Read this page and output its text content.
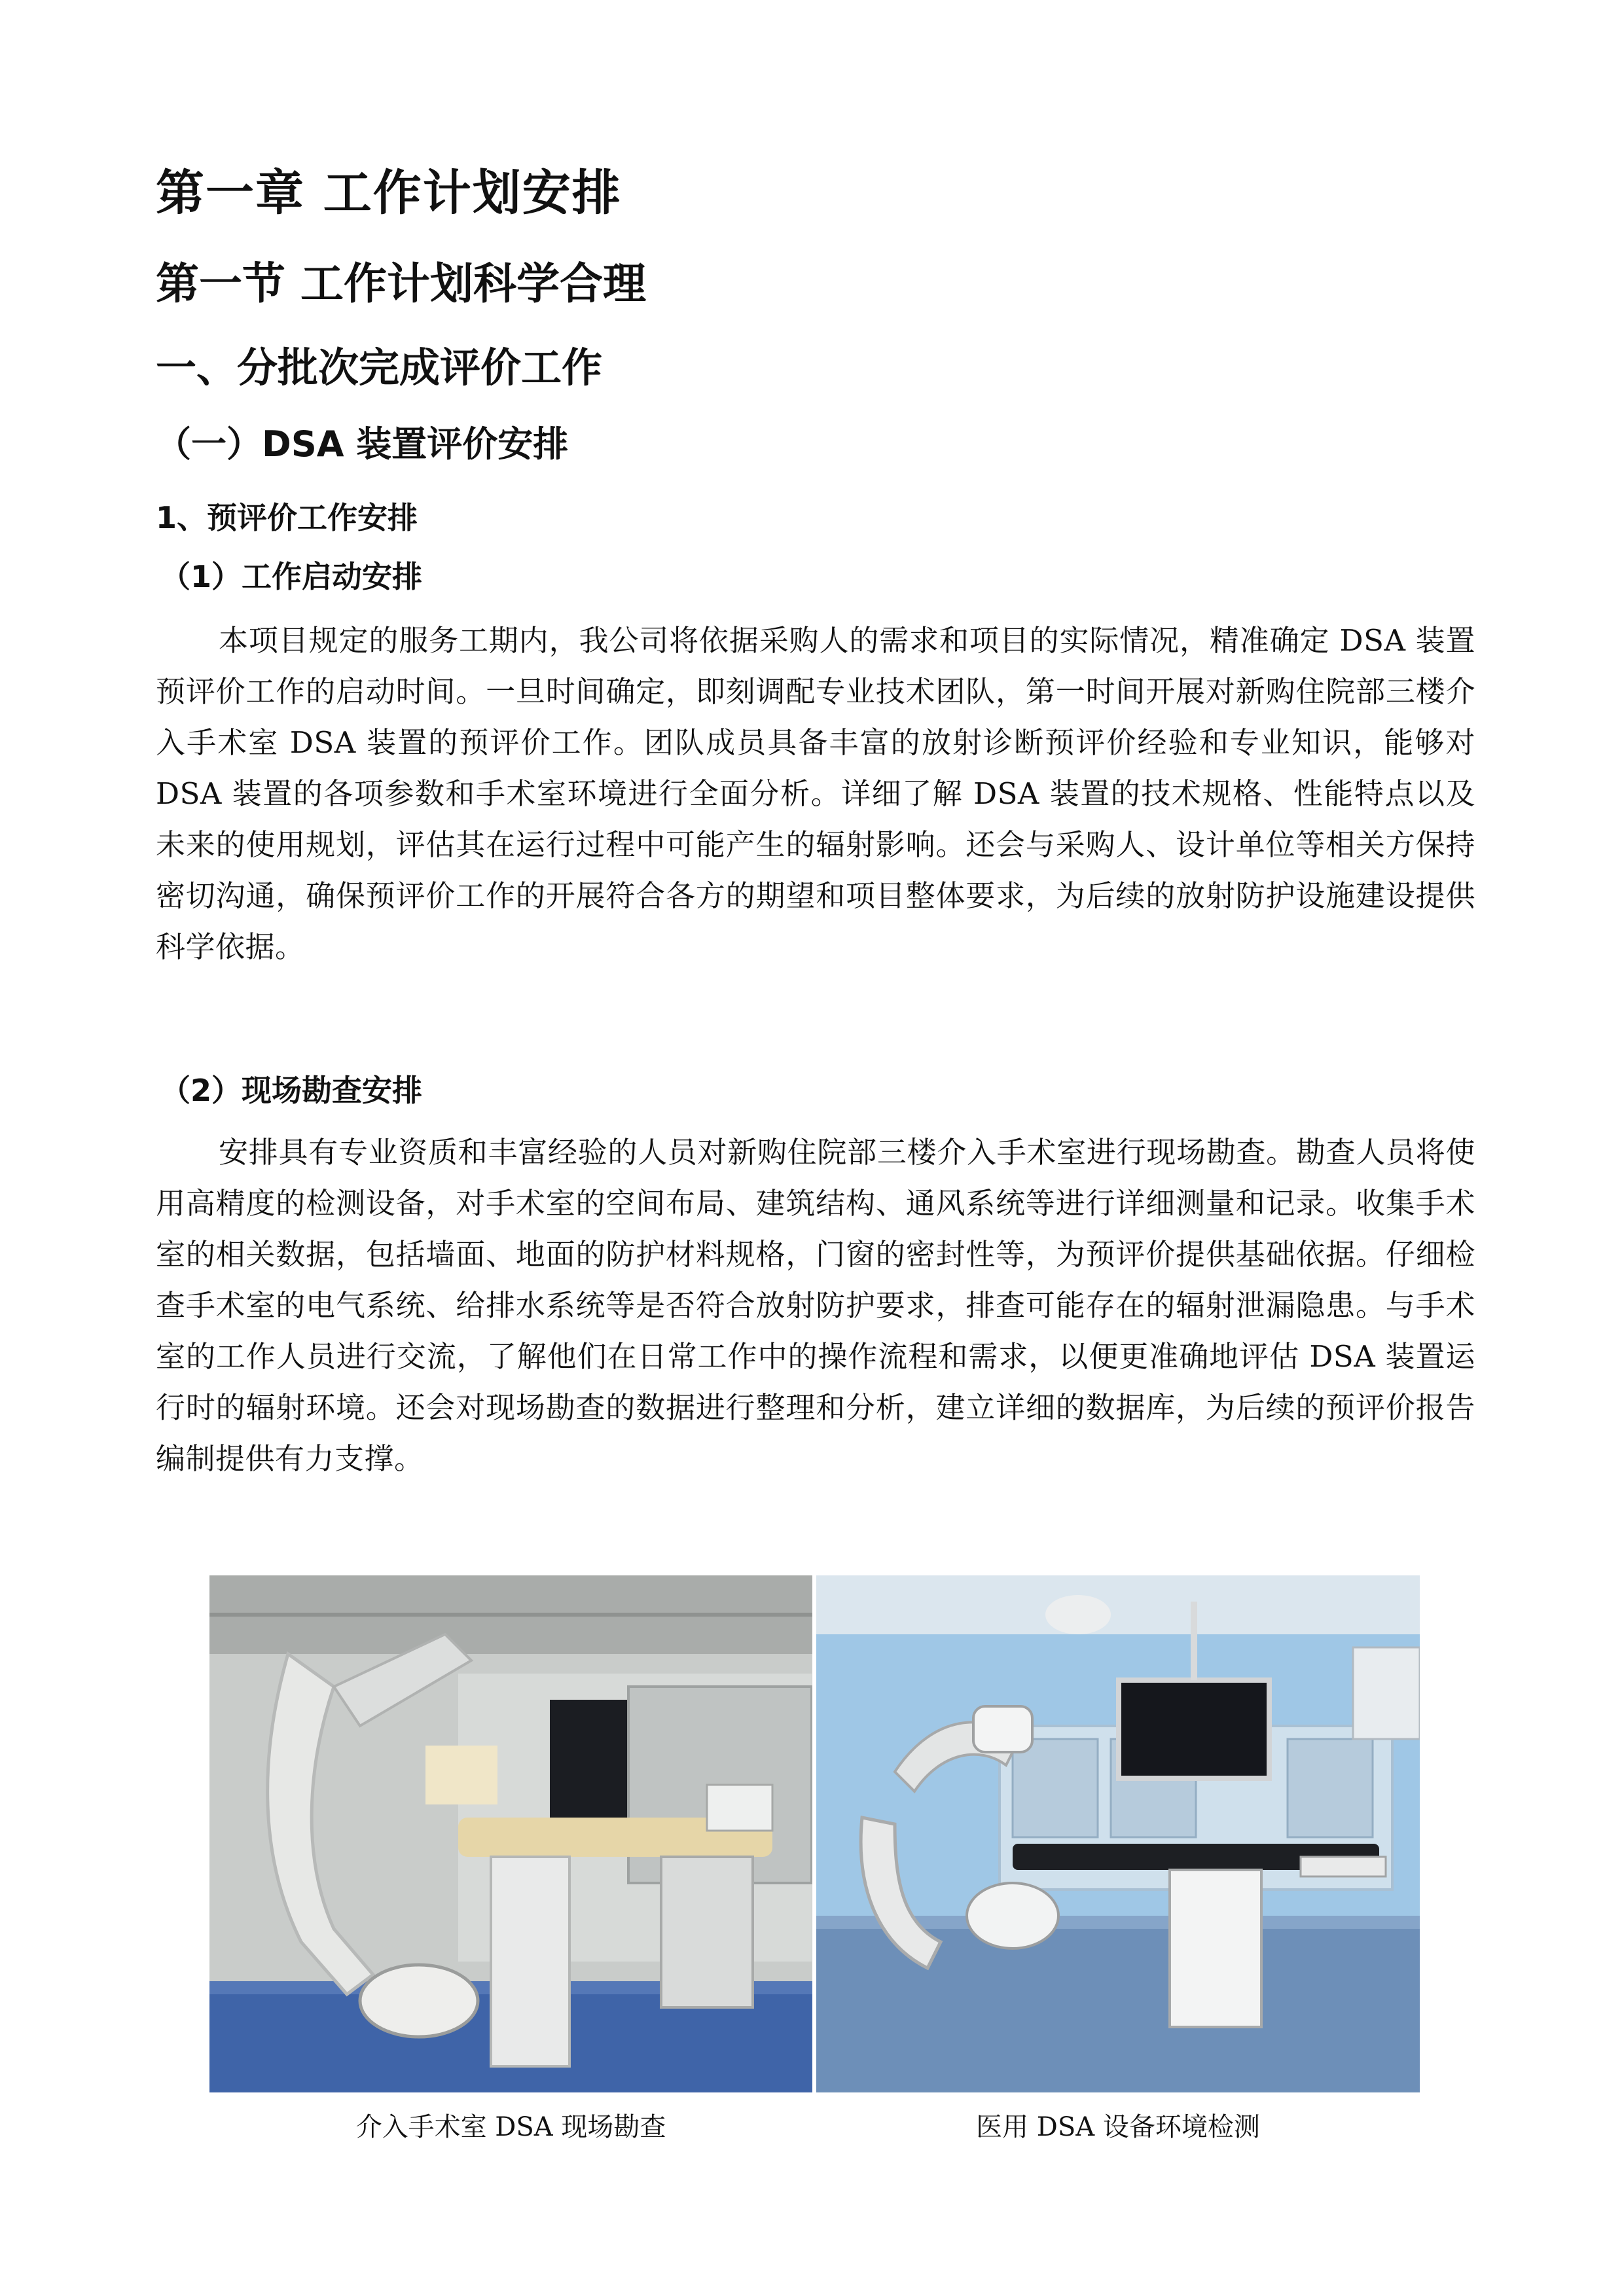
第一章 工作计划安排
第一节 工作计划科学合理
一、分批次完成评价工作
（一）DSA 装置评价安排
1、预评价工作安排
（1）工作启动安排

本项目规定的服务工期内，我公司将依据采购人的需求和项目的实际情况，精准确定 DSA 装置预评价工作的启动时间。一旦时间确定，即刻调配专业技术团队，第一时间开展对新购住院部三楼介入手术室 DSA 装置的预评价工作。团队成员具备丰富的放射诊断预评价经验和专业知识，能够对 DSA 装置的各项参数和手术室环境进行全面分析。详细了解 DSA 装置的技术规格、性能特点以及未来的使用规划，评估其在运行过程中可能产生的辐射影响。还会与采购人、设计单位等相关方保持密切沟通，确保预评价工作的开展符合各方的期望和项目整体要求，为后续的放射防护设施建设提供科学依据。

（2）现场勘查安排

安排具有专业资质和丰富经验的人员对新购住院部三楼介入手术室进行现场勘查。勘查人员将使用高精度的检测设备，对手术室的空间布局、建筑结构、通风系统等进行详细测量和记录。收集手术室的相关数据，包括墙面、地面的防护材料规格，门窗的密封性等，为预评价提供基础依据。仔细检查手术室的电气系统、给排水系统等是否符合放射防护要求，排查可能存在的辐射泄漏隐患。与手术室的工作人员进行交流，了解他们在日常工作中的操作流程和需求，以便更准确地评估 DSA 装置运行时的辐射环境。还会对现场勘查的数据进行整理和分析，建立详细的数据库，为后续的预评价报告编制提供有力支撑。

介入手术室 DSA 现场勘查	医用 DSA 设备环境检测
